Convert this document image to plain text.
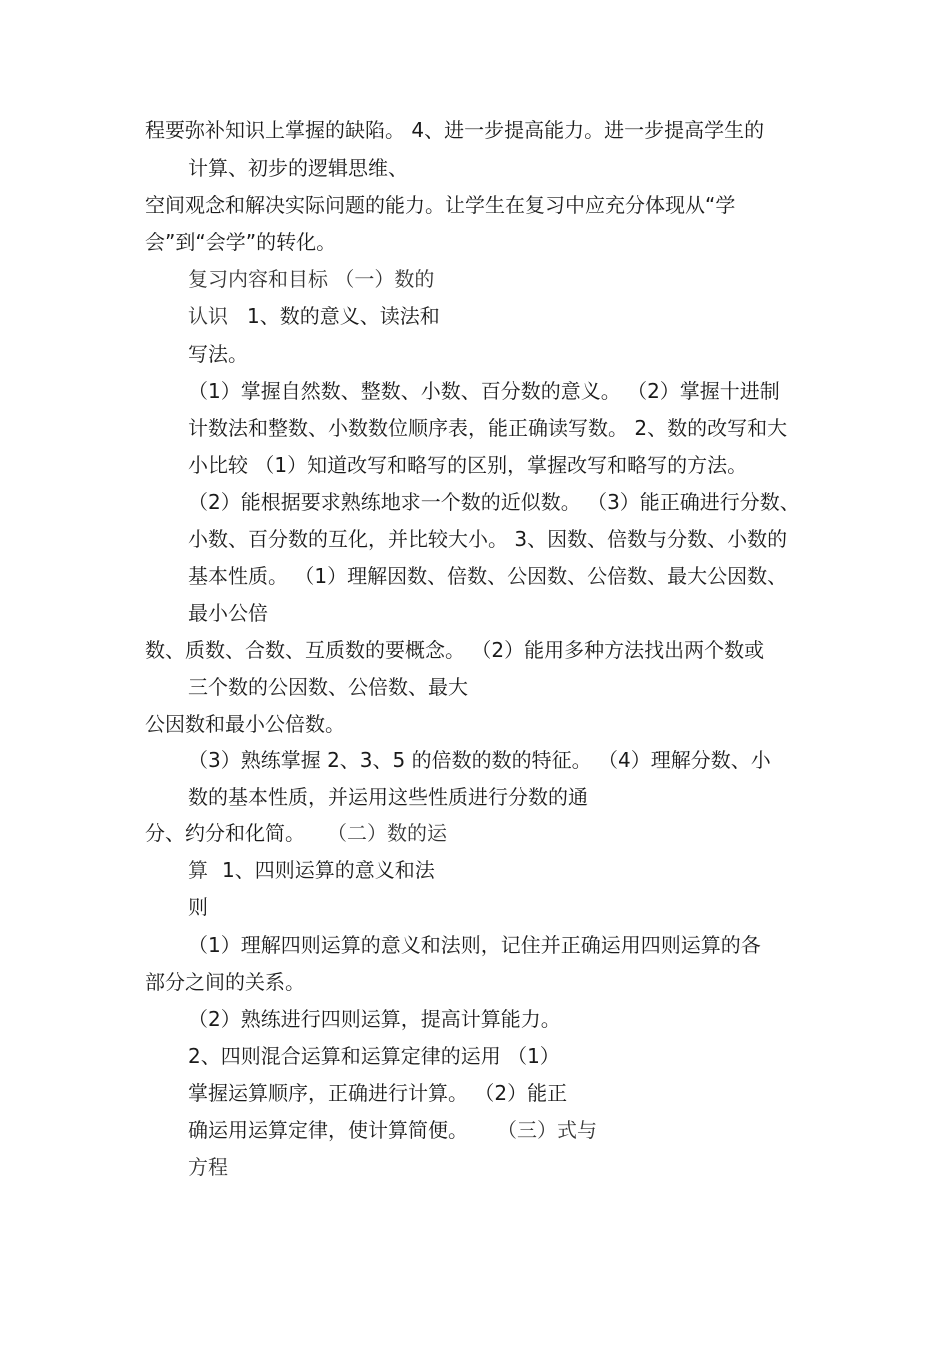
程要弥补知识上掌握的缺陷。 4、进一步提高能力。进一步提高学生的
计算、初步的逻辑思维、
空间观念和解决实际问题的能力。让学生在复习中应充分体现从“学
会”到“会学”的转化。
复习内容和目标 （一）数的
认识 1、数的意义、读法和
写法。
（1）掌握自然数、整数、小数、百分数的意义。 （2）掌握十进制
计数法和整数、小数数位顺序表，能正确读写数。 2、数的改写和大
小比较 （1）知道改写和略写的区别，掌握改写和略写的方法。
（2）能根据要求熟练地求一个数的近似数。 （3）能正确进行分数、
小数、百分数的互化，并比较大小。 3、因数、倍数与分数、小数的
基本性质。 （1）理解因数、倍数、公因数、公倍数、最大公因数、
最小公倍
数、质数、合数、互质数的要概念。 （2）能用多种方法找出两个数或
三个数的公因数、公倍数、最大
公因数和最小公倍数。
（3）熟练掌握 2、3、5 的倍数的数的特征。 （4）理解分数、小
数的基本性质，并运用这些性质进行分数的通
分、约分和化简。 （二）数的运
算 1、四则运算的意义和法
则
（1）理解四则运算的意义和法则，记住并正确运用四则运算的各
部分之间的关系。
（2）熟练进行四则运算，提高计算能力。
2、四则混合运算和运算定律的运用 （1）
掌握运算顺序，正确进行计算。 （2）能正
确运用运算定律，使计算简便。 （三）式与
方程
